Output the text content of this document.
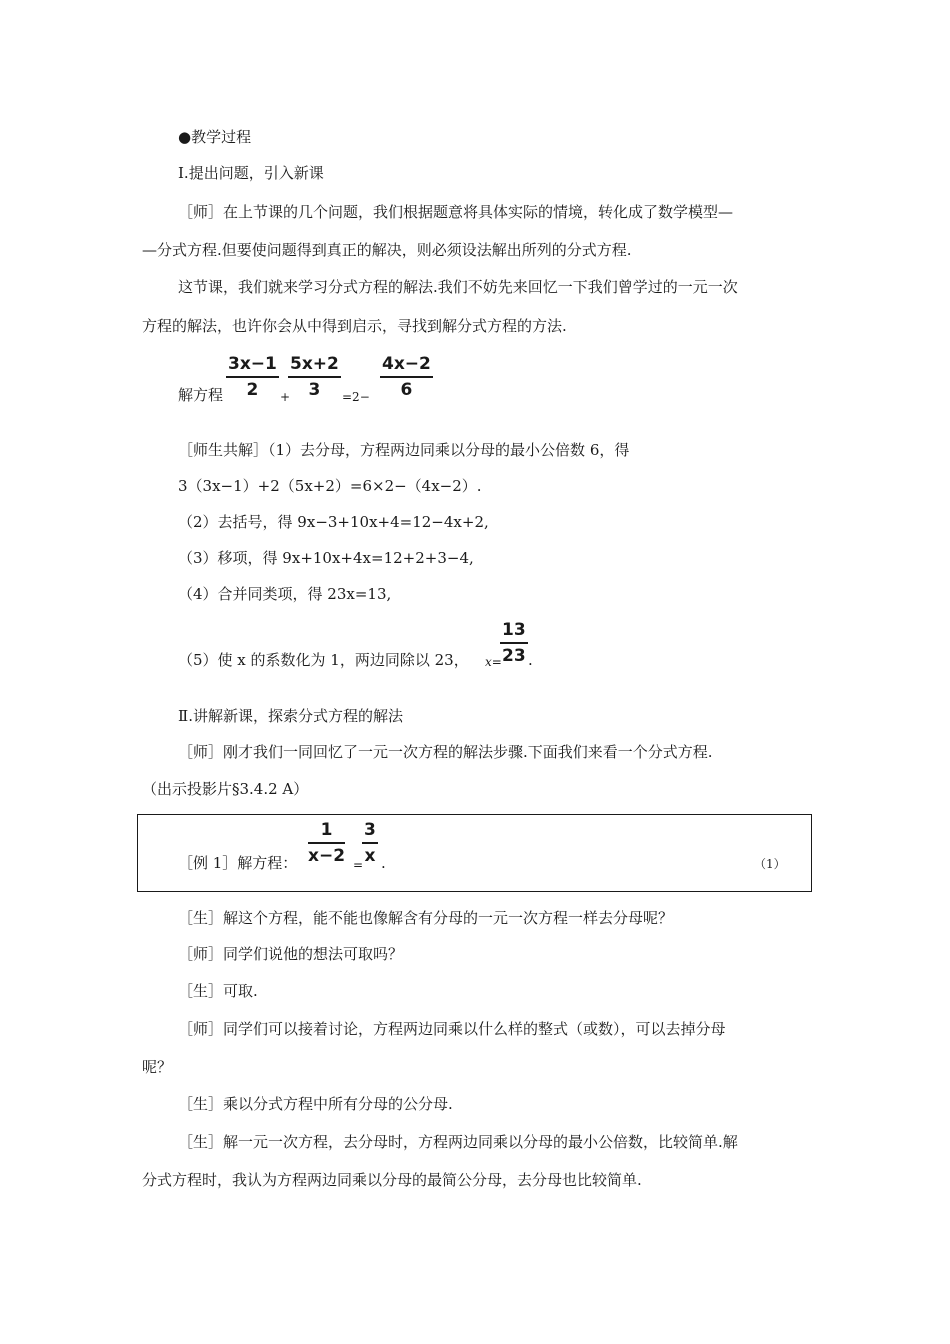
●教学过程
Ⅰ.提出问题，引入新课
［师］在上节课的几个问题，我们根据题意将具体实际的情境，转化成了数学模型—
—分式方程.但要使问题得到真正的解决，则必须设法解出所列的分式方程.
这节课，我们就来学习分式方程的解法.我们不妨先来回忆一下我们曾学过的一元一次
方程的解法，也许你会从中得到启示，寻找到解分式方程的方法.
解方程 $\frac{3x-1}{2}$ +
$\frac{5x+2}{3} =2- \frac{4x-2}{6}$
［师生共解］（1）去分母，方程两边同乘以分母的最小公倍数 6，得
3（3x−1）+2（5x+2）=6×2−（4x−2）.
（2）去括号，得 9x−3+10x+4=12−4x+2,
（3）移项，得 9x+10x+4x=12+2+3−4,
（4）合并同类项，得 23x=13,
（5）使 x 的系数化为 1，两边同除以 23， x=
$\frac{13}{23}$ .
Ⅱ.讲解新课，探索分式方程的解法
［师］刚才我们一同回忆了一元一次方程的解法步骤.下面我们来看一个分式方程.
（出示投影片§3.4.2 A）
［例 1］解方程： $\frac{1}{x-2}$ =
$\frac{3}{x}$ .	（1）
［生］解这个方程，能不能也像解含有分母的一元一次方程一样去分母呢？
［师］同学们说他的想法可取吗？
［生］可取.
［师］同学们可以接着讨论，方程两边同乘以什么样的整式（或数），可以去掉分母
呢？
［生］乘以分式方程中所有分母的公分母.
［生］解一元一次方程，去分母时，方程两边同乘以分母的最小公倍数，比较简单.解
分式方程时，我认为方程两边同乘以分母的最简公分母，去分母也比较简单.
